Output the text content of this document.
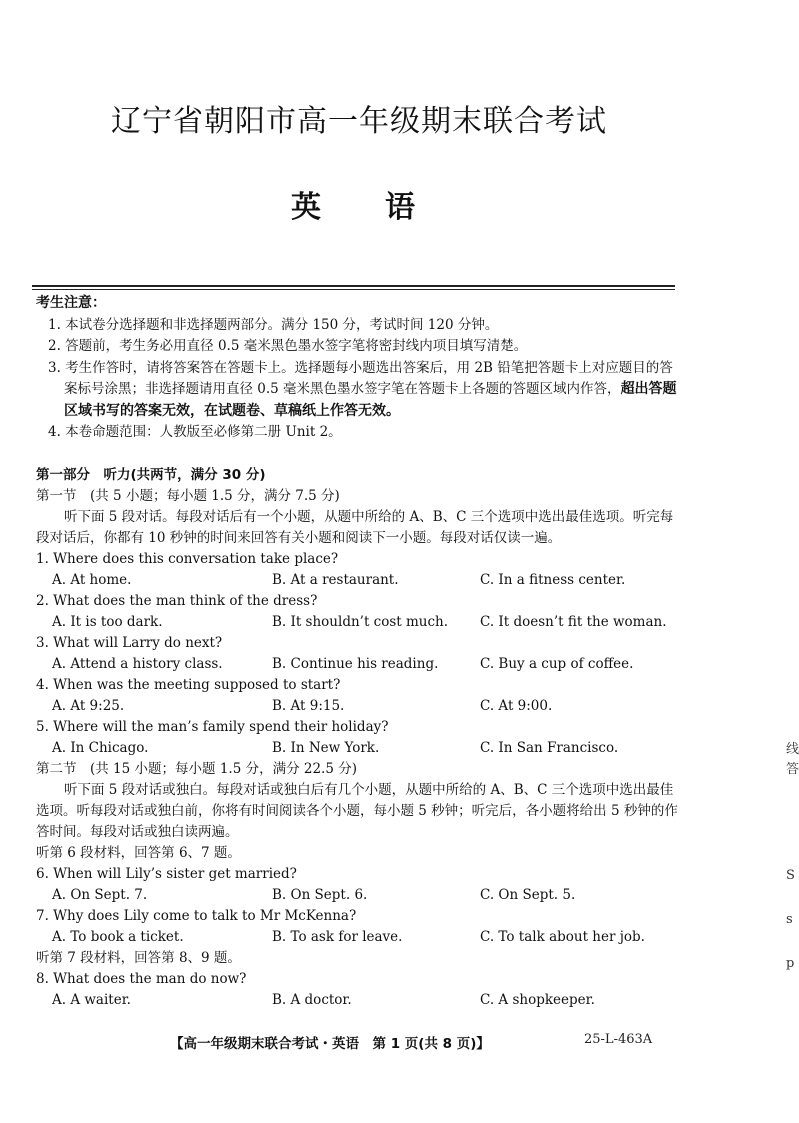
辽宁省朝阳市高一年级期末联合考试
英语
考生注意：
1. 本试卷分选择题和非选择题两部分。满分 150 分，考试时间 120 分钟。
2. 答题前，考生务必用直径 0.5 毫米黑色墨水签字笔将密封线内项目填写清楚。
3. 考生作答时，请将答案答在答题卡上。选择题每小题选出答案后，用 2B 铅笔把答题卡上对应题目的答案标号涂黑；非选择题请用直径 0.5 毫米黑色墨水签字笔在答题卡上各题的答题区域内作答，超出答题区域书写的答案无效，在试题卷、草稿纸上作答无效。
4. 本卷命题范围：人教版至必修第二册 Unit 2。
第一部分　听力(共两节，满分 30 分)
第一节　(共 5 小题；每小题 1.5 分，满分 7.5 分)

听下面 5 段对话。每段对话后有一个小题，从题中所给的 A、B、C 三个选项中选出最佳选项。听完每段对话后，你都有 10 秒钟的时间来回答有关小题和阅读下一小题。每段对话仅读一遍。

1. Where does this conversation take place?

A. At home.	B. At a restaurant.	C. In a fitness center.

2. What does the man think of the dress?

A. It is too dark.	B. It shouldn’t cost much.	C. It doesn’t fit the woman.

3. What will Larry do next?

A. Attend a history class.	B. Continue his reading.	C. Buy a cup of coffee.

4. When was the meeting supposed to start?

A. At 9:25.	B. At 9:15.	C. At 9:00.

5. Where will the man’s family spend their holiday?

A. In Chicago.	B. In New York.	C. In San Francisco.
第二节　(共 15 小题；每小题 1.5 分，满分 22.5 分)

听下面 5 段对话或独白。每段对话或独白后有几个小题，从题中所给的 A、B、C 三个选项中选出最佳选项。听每段对话或独白前，你将有时间阅读各个小题，每小题 5 秒钟；听完后，各小题将给出 5 秒钟的作答时间。每段对话或独白读两遍。

听第 6 段材料，回答第 6、7 题。

6. When will Lily’s sister get married?

A. On Sept. 7.	B. On Sept. 6.	C. On Sept. 5.

7. Why does Lily come to talk to Mr McKenna?

A. To book a ticket.	B. To ask for leave.	C. To talk about her job.
听第 7 段材料，回答第 8、9 题。

8. What does the man do now?

A. A waiter.	B. A doctor.	C. A shopkeeper.
【高一年级期末联合考试・英语　第 1 页(共 8 页)】	25-L-463A
线
答
S
s
p
